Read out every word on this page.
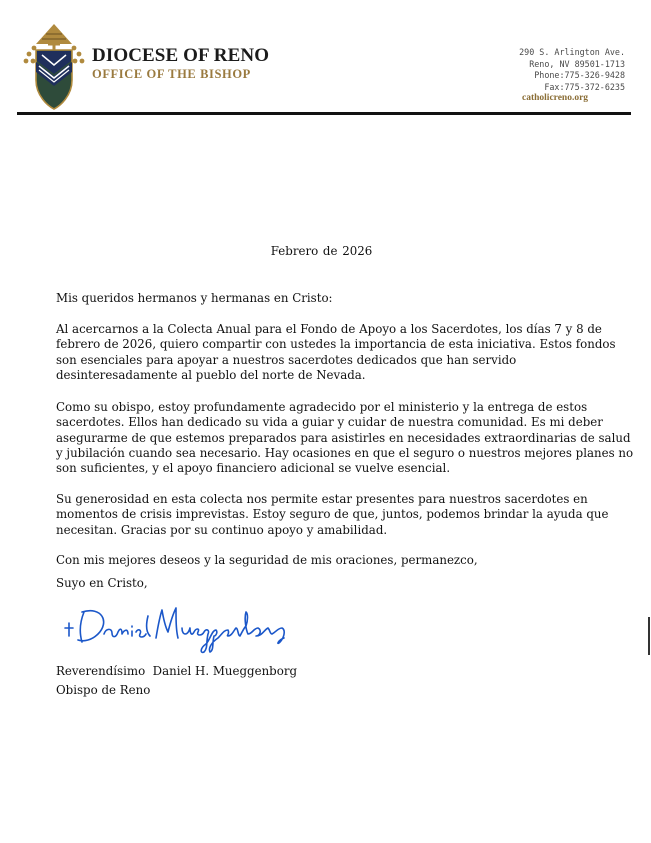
DIOCESE OF RENO
OFFICE OF THE BISHOP
290 S. Arlington Ave.
Reno, NV 89501-1713
Phone:775-326-9428
Fax:775-372-6235
catholicreno.org
Febrero de 2026

Mis queridos hermanos y hermanas en Cristo:

Al acercarnos a la Colecta Anual para el Fondo de Apoyo a los Sacerdotes, los días 7 y 8 de febrero de 2026, quiero compartir con ustedes la importancia de esta iniciativa. Estos fondos son esenciales para apoyar a nuestros sacerdotes dedicados que han servido desinteresadamente al pueblo del norte de Nevada.

Como su obispo, estoy profundamente agradecido por el ministerio y la entrega de estos sacerdotes. Ellos han dedicado su vida a guiar y cuidar de nuestra comunidad. Es mi deber asegurarme de que estemos preparados para asistirles en necesidades extraordinarias de salud y jubilación cuando sea necesario. Hay ocasiones en que el seguro o nuestros mejores planes no son suficientes, y el apoyo financiero adicional se vuelve esencial.

Su generosidad en esta colecta nos permite estar presentes para nuestros sacerdotes en momentos de crisis imprevistas. Estoy seguro de que, juntos, podemos brindar la ayuda que necesitan. Gracias por su continuo apoyo y amabilidad.

Con mis mejores deseos y la seguridad de mis oraciones, permanezco,

Suyo en Cristo,

Reverendísimo  Daniel H. Mueggenborg

Obispo de Reno
